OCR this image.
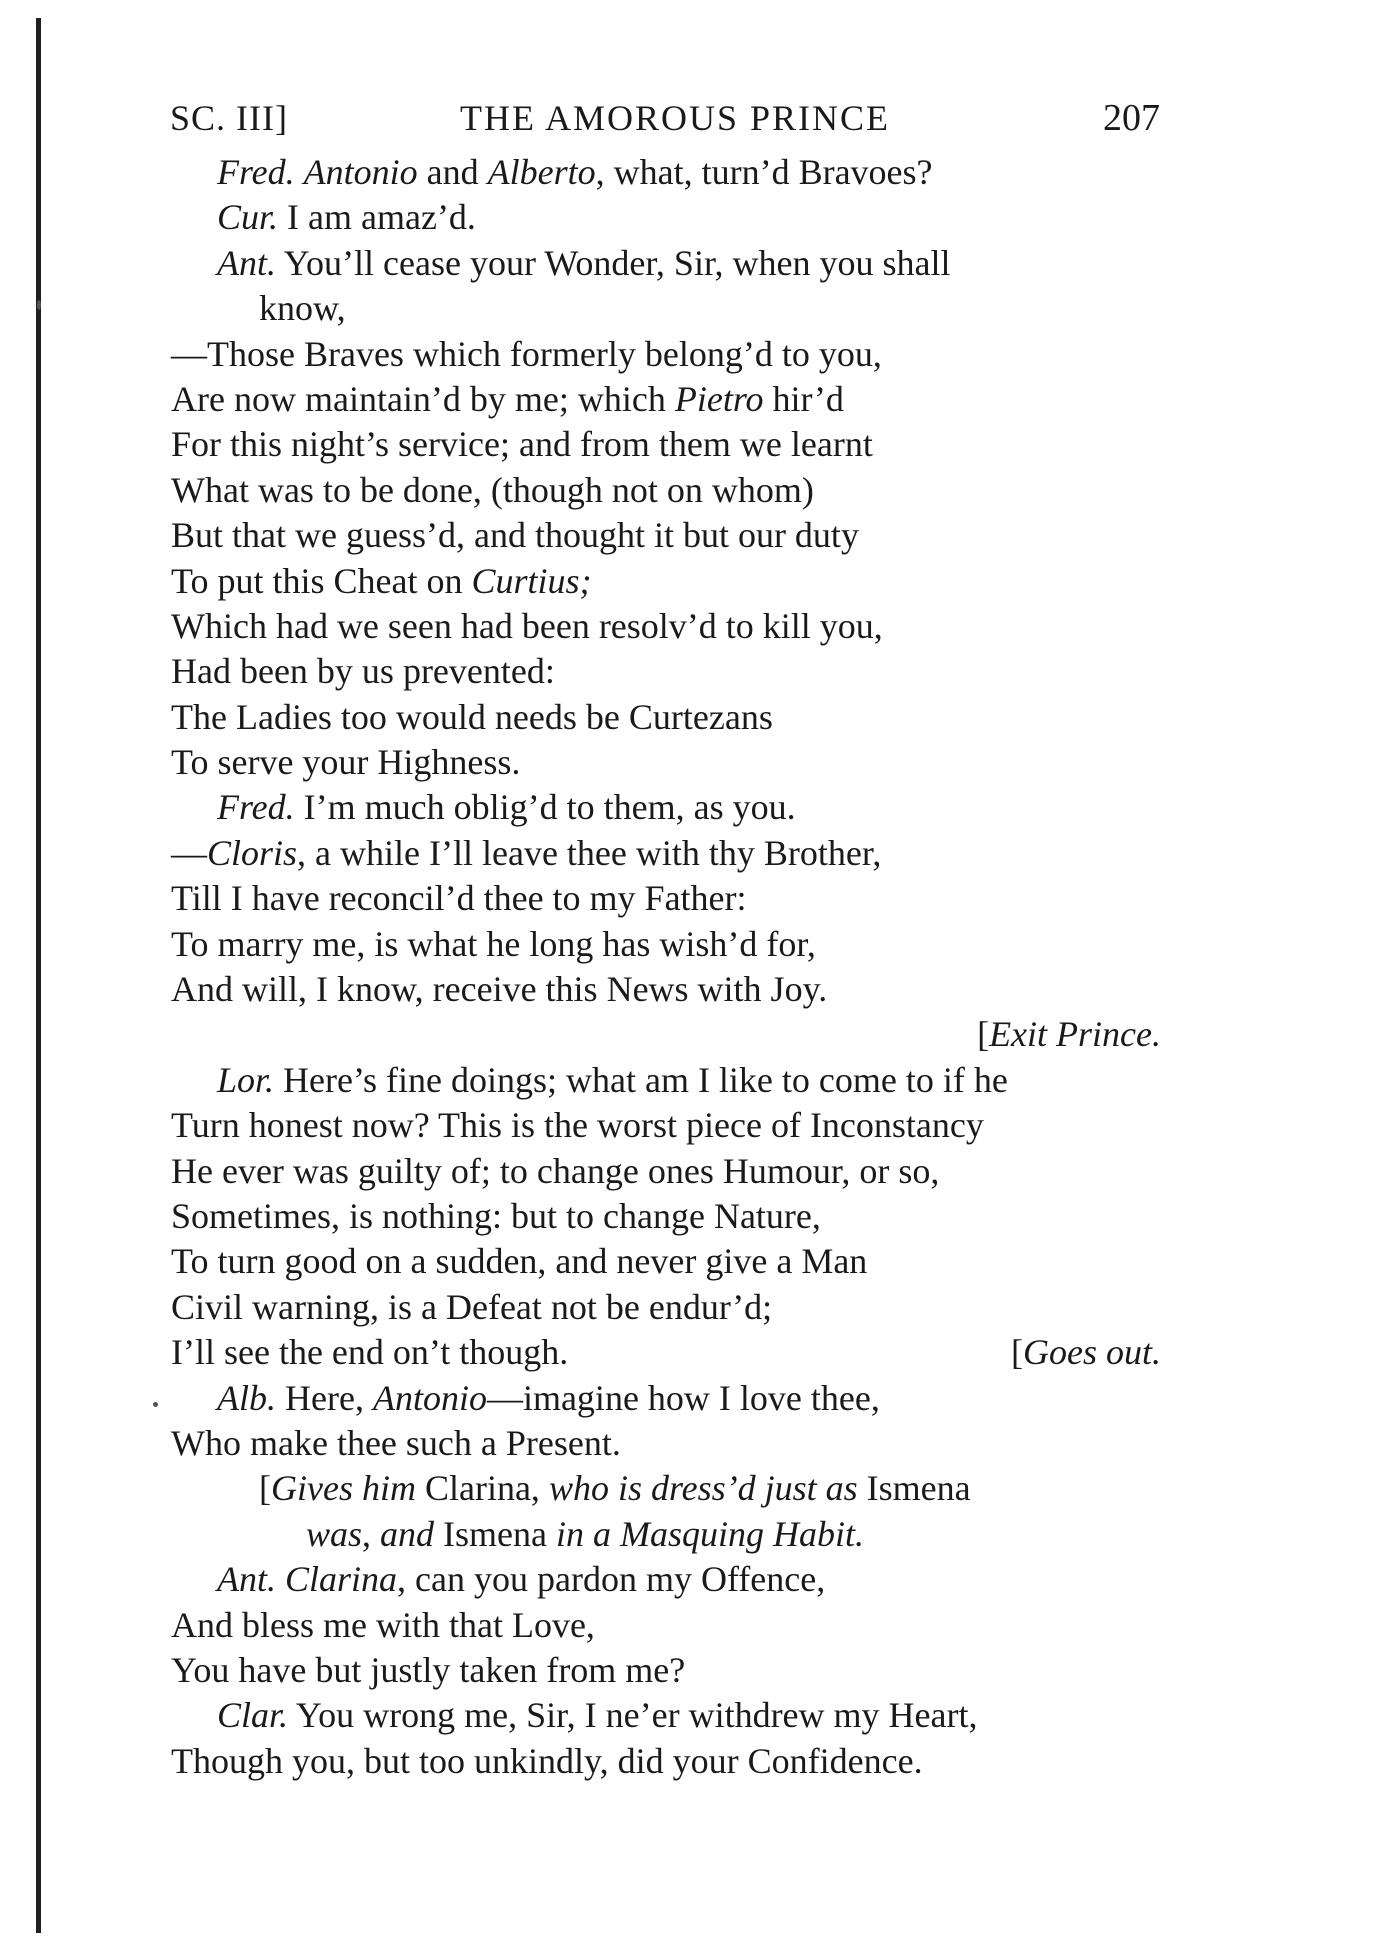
SC. III]	THE AMOROUS PRINCE	207
Fred. Antonio and Alberto, what, turn’d Bravoes?
Cur. I am amaz’d.
Ant. You’ll cease your Wonder, Sir, when you shall
know,
—Those Braves which formerly belong’d to you,
Are now maintain’d by me; which Pietro hir’d
For this night’s service; and from them we learnt
What was to be done, (though not on whom)
But that we guess’d, and thought it but our duty
To put this Cheat on Curtius;
Which had we seen had been resolv’d to kill you,
Had been by us prevented:
The Ladies too would needs be Curtezans
To serve your Highness.
Fred. I’m much oblig’d to them, as you.
—Cloris, a while I’ll leave thee with thy Brother,
Till I have reconcil’d thee to my Father:
To marry me, is what he long has wish’d for,
And will, I know, receive this News with Joy.
[Exit Prince.
Lor. Here’s fine doings; what am I like to come to if he
Turn honest now? This is the worst piece of Inconstancy
He ever was guilty of; to change ones Humour, or so,
Sometimes, is nothing: but to change Nature,
To turn good on a sudden, and never give a Man
Civil warning, is a Defeat not be endur’d;
I’ll see the end on’t though.	[Goes out.
Alb. Here, Antonio—imagine how I love thee,
Who make thee such a Present.
[Gives him Clarina, who is dress’d just as Ismena
was, and Ismena in a Masquing Habit.
Ant. Clarina, can you pardon my Offence,
And bless me with that Love,
You have but justly taken from me?
Clar. You wrong me, Sir, I ne’er withdrew my Heart,
Though you, but too unkindly, did your Confidence.
